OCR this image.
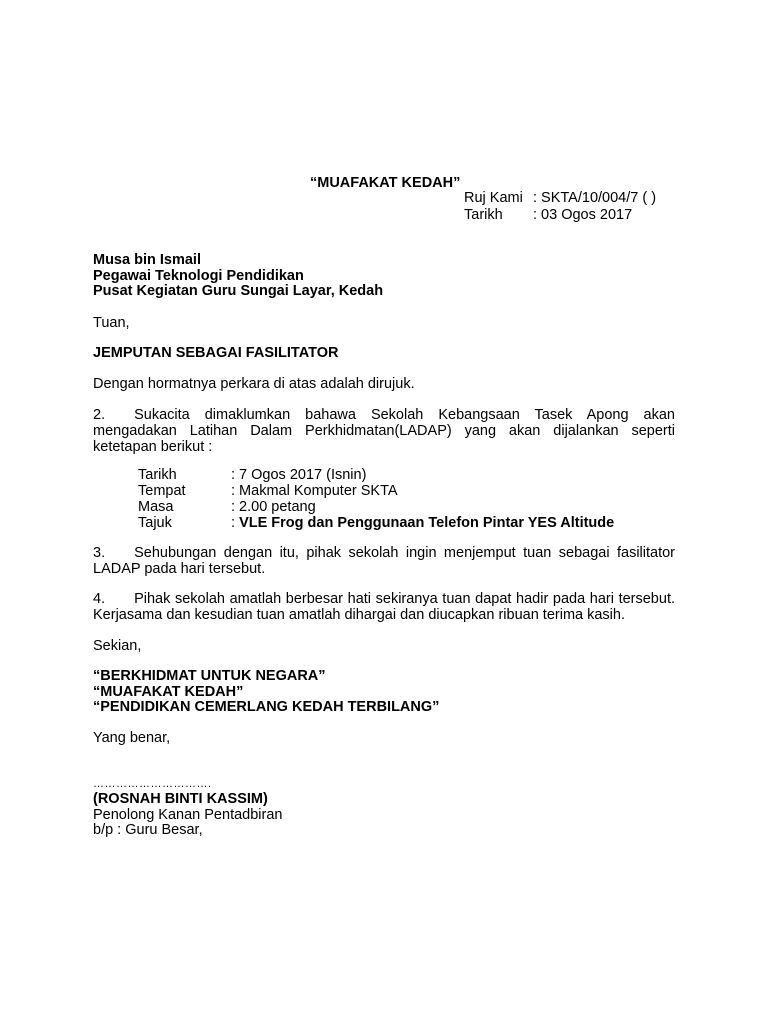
“MUAFAKAT KEDAH”
Ruj Kami : SKTA/10/004/7 ( )
Tarikh : 03 Ogos 2017
Musa bin Ismail
Pegawai Teknologi Pendidikan
Pusat Kegiatan Guru Sungai Layar, Kedah
Tuan,
JEMPUTAN SEBAGAI FASILITATOR
Dengan hormatnya perkara di atas adalah dirujuk.
2. Sukacita dimaklumkan bahawa Sekolah Kebangsaan Tasek Apong akan mengadakan Latihan Dalam Perkhidmatan(LADAP) yang akan dijalankan seperti ketetapan berikut :
Tarikh	: 7 Ogos 2017 (Isnin)
Tempat	: Makmal Komputer SKTA
Masa	: 2.00 petang
Tajuk	: VLE Frog dan Penggunaan Telefon Pintar YES Altitude
3. Sehubungan dengan itu, pihak sekolah ingin menjemput tuan sebagai fasilitator LADAP pada hari tersebut.
4. Pihak sekolah amatlah berbesar hati sekiranya tuan dapat hadir pada hari tersebut. Kerjasama dan kesudian tuan amatlah dihargai dan diucapkan ribuan terima kasih.
Sekian,
“BERKHIDMAT UNTUK NEGARA”
“MUAFAKAT KEDAH”
“PENDIDIKAN CEMERLANG KEDAH TERBILANG”
Yang benar,
………………………….
(ROSNAH BINTI KASSIM)
Penolong Kanan Pentadbiran
b/p : Guru Besar,
